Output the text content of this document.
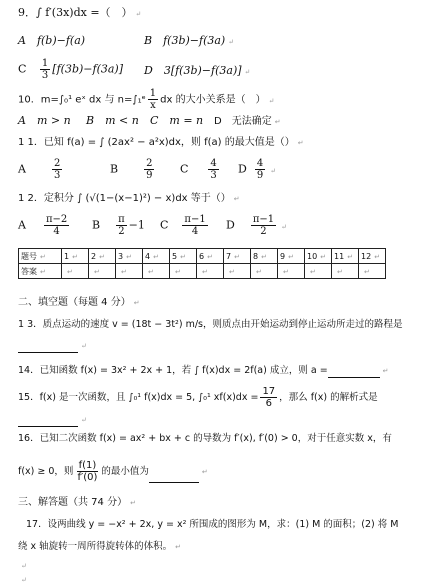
9．∫ f′(3x)dx =（　） ↵
A　f(b)−f(a)	B　f(3b)−f(3a) ↵
C $\frac{1}{3} [f(3b)-f(3a)]$ D　3[f(3b)−f(3a)] ↵
10．m=∫₀¹ eˣ dx 与 n=∫₁ᵉ $\frac{1}{x}$ dx 的大小关系是（　） ↵
A　m > n B　m < n C　m = n D　无法确定 ↵
1 1．已知 f(a) = ∫ (2ax² − a²x)dx，则 f(a) 的最大值是（） ↵
A	$\frac{2}{3}$	B	$\frac{2}{9}$ C $\frac{4}{3}$ D $\frac{4}{9}$ ↵
1 2．定积分 ∫ (√(1−(x−1)²) − x)dx 等于（） ↵
A $\frac{\pi-2}{4}$ B $\frac{\pi}{2} -1$ C $\frac{\pi-1}{4}$ D $\frac{\pi-1}{2}$ ↵
题号 ↵	1 ↵	2 ↵	3 ↵	4 ↵	5 ↵	6 ↵	7 ↵	8 ↵	9 ↵	10 ↵	11 ↵	12 ↵
答案 ↵	↵	↵	↵	↵	↵	↵	↵	↵	↵	↵	↵	↵
二、填空题（每题 4 分） ↵
1 3．质点运动的速度 v = (18t − 3t²) m/s，则质点由开始运动到停止运动所走过的路程是
↵
14．已知函数 f(x) = 3x² + 2x + 1，若 ∫ f(x)dx = 2f(a) 成立，则 a =	↵
15．f(x) 是一次函数，且 ∫₀¹ f(x)dx = 5, ∫₀¹ $xf(x)dx = \frac{17}{6}$ ，那么 f(x) 的解析式是
↵
16．已知二次函数 f(x) = ax² + bx + c 的导数为 f′(x), f′(0) > 0，对于任意实数 x，有
f(x) ≥ 0，则 $\frac{f(1)}{f'(0)}$ 的最小值为	↵
三、解答题（共 74 分） ↵
17．设两曲线 y = −x² + 2x, y = x² 所围成的图形为 M，求：(1) M 的面积；(2) 将 M
绕 x 轴旋转一周所得旋转体的体积。 ↵
↵
↵
